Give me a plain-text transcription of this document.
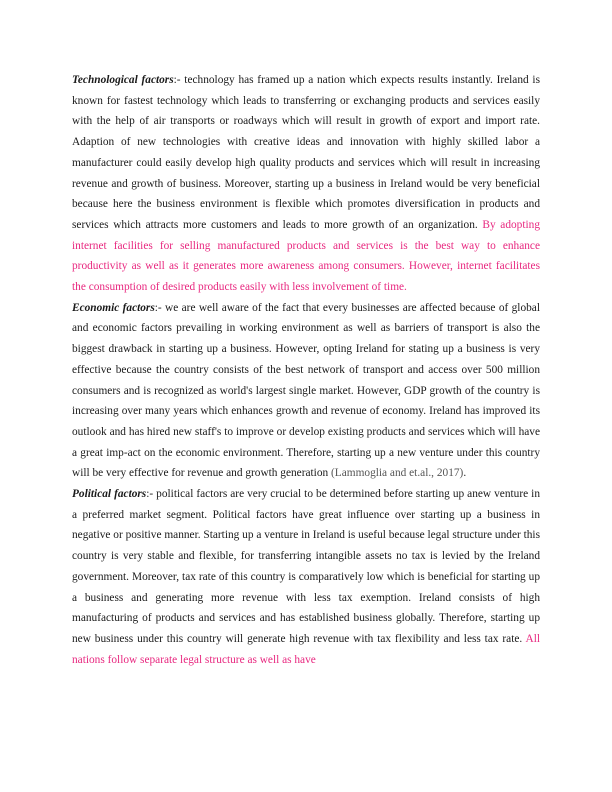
Technological factors:- technology has framed up a nation which expects results instantly. Ireland is known for fastest technology which leads to transferring or exchanging products and services easily with the help of air transports or roadways which will result in growth of export and import rate. Adaption of new technologies with creative ideas and innovation with highly skilled labor a manufacturer could easily develop high quality products and services which will result in increasing revenue and growth of business. Moreover, starting up a business in Ireland would be very beneficial because here the business environment is flexible which promotes diversification in products and services which attracts more customers and leads to more growth of an organization. By adopting internet facilities for selling manufactured products and services is the best way to enhance productivity as well as it generates more awareness among consumers. However, internet facilitates the consumption of desired products easily with less involvement of time.

Economic factors:- we are well aware of the fact that every businesses are affected because of global and economic factors prevailing in working environment as well as barriers of transport is also the biggest drawback in starting up a business. However, opting Ireland for stating up a business is very effective because the country consists of the best network of transport and access over 500 million consumers and is recognized as world's largest single market. However, GDP growth of the country is increasing over many years which enhances growth and revenue of economy. Ireland has improved its outlook and has hired new staff's to improve or develop existing products and services which will have a great imp-act on the economic environment. Therefore, starting up a new venture under this country will be very effective for revenue and growth generation (Lammoglia and et.al., 2017).

Political factors:- political factors are very crucial to be determined before starting up anew venture in a preferred market segment. Political factors have great influence over starting up a business in negative or positive manner. Starting up a venture in Ireland is useful because legal structure under this country is very stable and flexible, for transferring intangible assets no tax is levied by the Ireland government. Moreover, tax rate of this country is comparatively low which is beneficial for starting up a business and generating more revenue with less tax exemption. Ireland consists of high manufacturing of products and services and has established business globally. Therefore, starting up new business under this country will generate high revenue with tax flexibility and less tax rate. All nations follow separate legal structure as well as have
